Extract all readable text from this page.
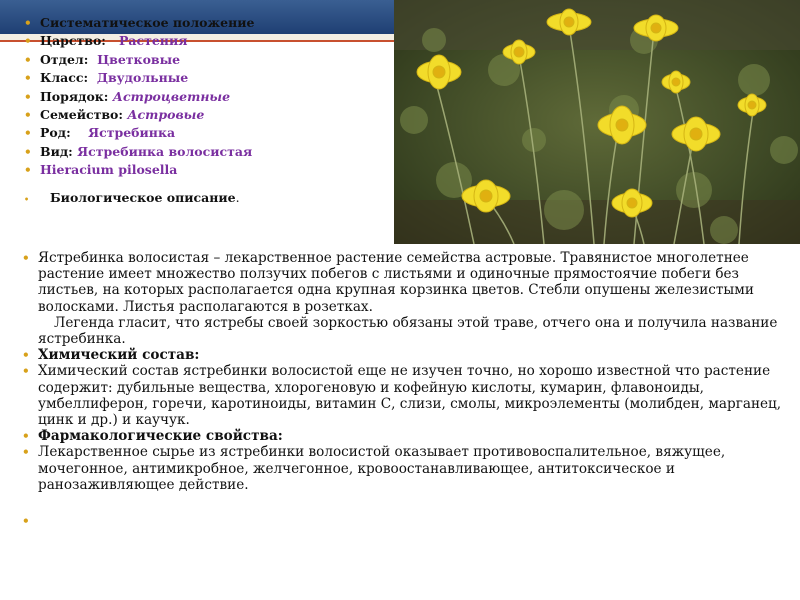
• Систематическое положение
• Царство:
Растения
• Отдел:
Цветковые
• Класс:
Двудольные
• Порядок:
Астроцветные
• Семейство:
Астровые
• Род:
Ястребинка
• Вид:
Ястребинка волосистая
• Hieracium pilosella
•	Биологическое описание .
• Ястребинка волосистая – лекарственное растение семейства астровые. Травянистое многолетнее растение имеет множество ползучих побегов с листьями и одиночные прямостоячие побеги без листьев, на которых располагается одна крупная корзинка цветов. Стебли опушены железистыми волосками. Листья располагаются в розетках.
Легенда гласит, что ястребы своей зоркостью обязаны этой траве, отчего она и получила название ястребинка.
• Химический состав:
• Химический состав ястребинки волосистой еще не изучен точно, но хорошо известной что растение содержит: дубильные вещества, хлорогеновую и кофейную кислоты, кумарин, флавоноиды, умбеллиферон, горечи, каротиноиды, витамин С, слизи, смолы, микроэлементы (молибден, марганец, цинк и др.) и каучук.
• Фармакологические свойства:
• Лекарственное сырье из ястребинки волосистой оказывает противовоспалительное, вяжущее, мочегонное, антимикробное, желчегонное, кровоостанавливающее, антитоксическое и ранозаживляющее действие.
•
